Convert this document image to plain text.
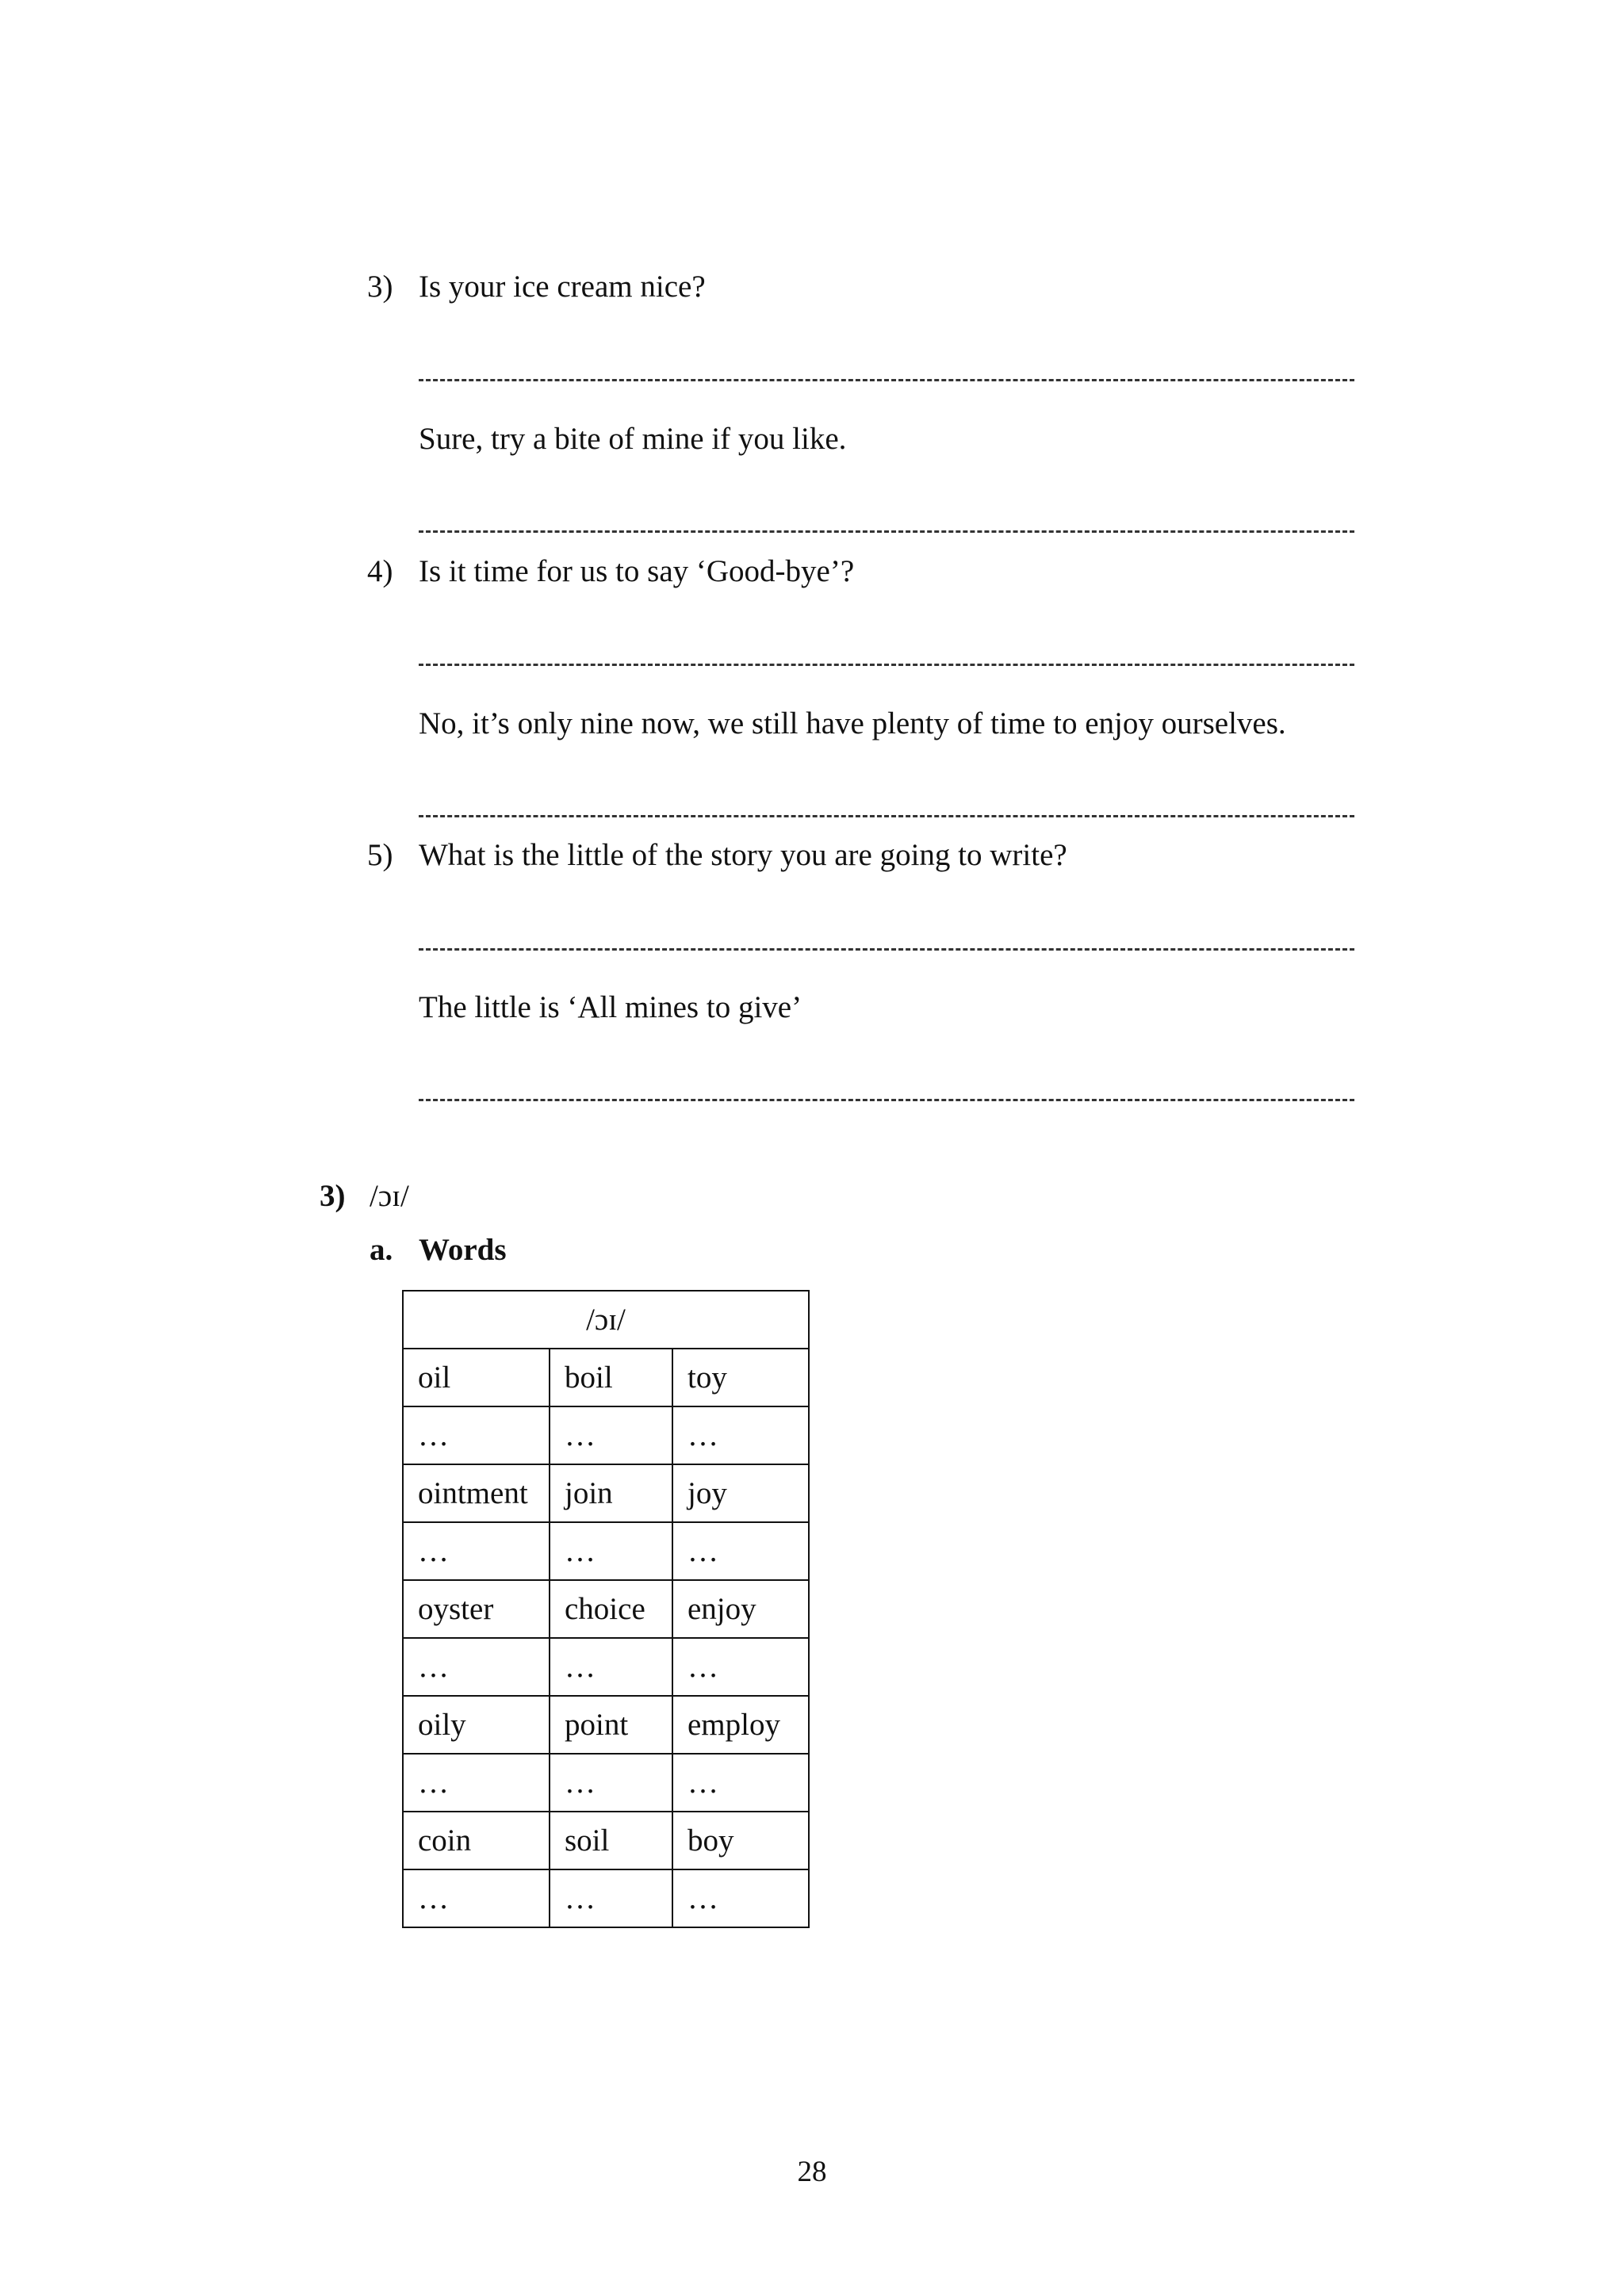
3) Is your ice cream nice?
Sure, try a bite of mine if you like.
4) Is it time for us to say ‘Good-bye’?
No, it’s only nine now, we still have plenty of time to enjoy ourselves.
5) What is the little of the story you are going to write?
The little is ‘All mines to give’
3) /ɔɪ/
a. Words
/ɔɪ/		
oil	boil	toy
…	…	…
ointment	join	joy
…	…	…
oyster	choice	enjoy
…	…	…
oily	point	employ
…	…	…
coin	soil	boy
…	…	…
28
